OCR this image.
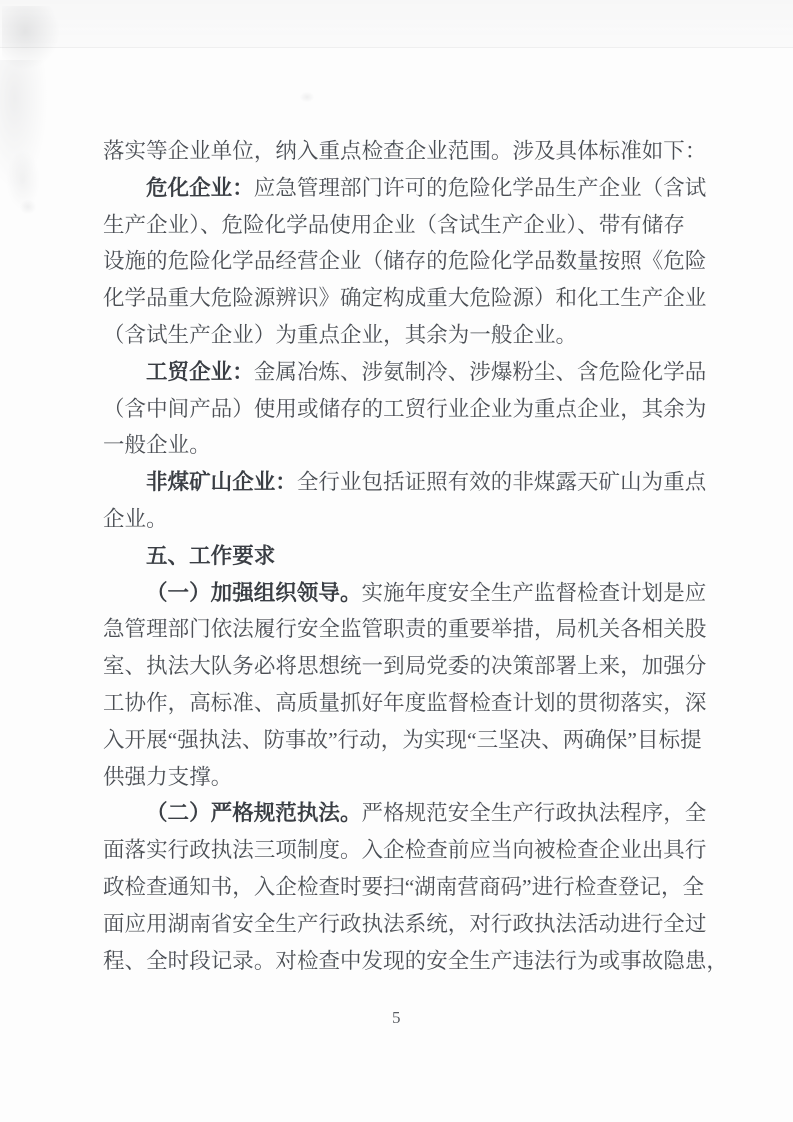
落实等企业单位，纳入重点检查企业范围。涉及具体标准如下：
危化企业：应急管理部门许可的危险化学品生产企业（含试
生产企业）、危险化学品使用企业（含试生产企业）、带有储存
设施的危险化学品经营企业（储存的危险化学品数量按照《危险
化学品重大危险源辨识》确定构成重大危险源）和化工生产企业
（含试生产企业）为重点企业，其余为一般企业。
工贸企业：金属冶炼、涉氨制冷、涉爆粉尘、含危险化学品
（含中间产品）使用或储存的工贸行业企业为重点企业，其余为
一般企业。
非煤矿山企业：全行业包括证照有效的非煤露天矿山为重点
企业。
五、工作要求
（一）加强组织领导。实施年度安全生产监督检查计划是应
急管理部门依法履行安全监管职责的重要举措，局机关各相关股
室、执法大队务必将思想统一到局党委的决策部署上来，加强分
工协作，高标准、高质量抓好年度监督检查计划的贯彻落实，深
入开展“强执法、防事故”行动，为实现“三坚决、两确保”目标提
供强力支撑。
（二）严格规范执法。严格规范安全生产行政执法程序，全
面落实行政执法三项制度。入企检查前应当向被检查企业出具行
政检查通知书，入企检查时要扫“湖南营商码”进行检查登记，全
面应用湖南省安全生产行政执法系统，对行政执法活动进行全过
程、全时段记录。对检查中发现的安全生产违法行为或事故隐患，
5
